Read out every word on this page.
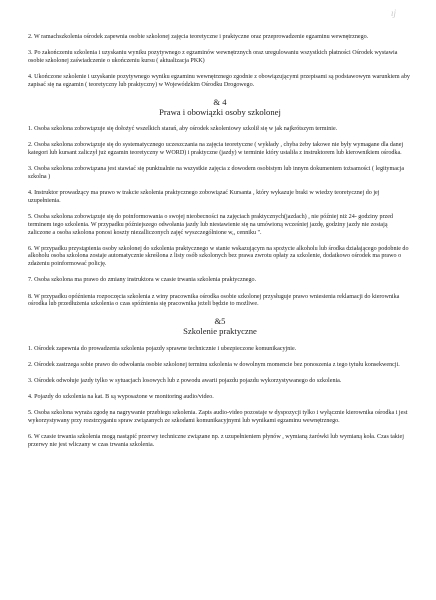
ıj

2. W ramachszkolenia ośrodek zapewnia osobie szkolonej zajęcia teoretyczne i praktyczne oraz przeprowadzenie egzaminu wewnętrznego.

3. Po zakończeniu szkolenia i uzyskaniu wyniku pozytywnego z egzaminów wewnętrznych oraz uregulowaniu wszystkich płatności Ośrodek wystawia osobie szkolonej zaświadczenie o ukończeniu kursu ( aktualizacja PKK)

4. Ukończone szkolenie i uzyskanie pozytywnego wyniku egzaminu wewnętrznego zgodnie z obowiązującymi przepisami są podstawowym warunkiem aby zapisać się na egzamin ( teoretyczny lub praktyczny) w Wojewódzkim Ośrodku Drogowego.

& 4
Prawa i obowiązki osoby szkolonej

1. Osoba szkolona zobowiązuje się dołożyć wszelkich starań, aby ośrodek szkoleniowy szkolił się w jak najkrótszym terminie.

2. Osoba szkolona zobowiązuje się do systematycznego uczeszczania na zajęcia teoretyczne ( wykłady , chyba żeby takowe nie były wymagane dla danej kategori lub kursant zaliczył już egzamin teoretyczny w WORD) i praktyczne (jazdy) w terminie który ustaliła z instruktorem lub kierownikiem ośrodka.

3. Osoba szkolona zobowiązana jest stawiać się punktualnie na wszystkie zajęcia z dowodem osobistym lub innym dokumentem tożsamości ( legitymacja szkolna )

4. Instruktor prowadzący ma prawo w trakcie szkolenia praktycznego zobowiązać Kursanta , który wykazuje braki w wiedzy teoretycznej do jej uzupełnienia.

5. Osoba szkolona zobowiązuje się do poinformowania o swojej nieobecności na zajęciach praktycznych(jazdach) , nie później niż 24- godziny przed terminem tego szkolenia. W przypadku późniejszego odwołania jazdy lub niestawienie się na umówioną wcześniej jazdę, godziny jazdy nie zostają zaliczone a osoba szkolona ponosi koszty niezalliczonych zajęć wyszczególnione w,, cenniku ".

6. W przypadku przystąpienia osoby szkolonej do szkolenia praktycznego w stanie wskazującym na spożycie alkoholu lub środka działającego podobnie do alkoholu osoba szkolona zostaje automatycznie skreślona z listy osób szkolonych bez prawa zwrotu opłaty za szkolenie, dodatkowo ośrodek ma prawo o zdażeniu poinformować policję.

7. Osoba szkolona ma prawo do zmiany instruktora w czasie trwania szkolenia praktycznego.

8. W przypadku opóźnienia rozpoczęcia szkolenia z winy pracownika ośrodka osobie szkolonej przysługuje prawo wniesienia reklamacji do kierownika ośrodka lub przedłużenia szkolenia o czas spóźnienia się pracownika jeżeli będzie to możliwe.

&5
Szkolenie praktyczne

1. Ośrodek zapewnia do prowadzenia szkolenia pojazdy sprawne technicznie i ubezpieczone komunikacyjnie.

2. Ośrodek zastrzega sobie prawo do odwołania osobie szkolonej terminu szkolenia w dowolnym momencie bez ponoszenia z tego tytułu konsekwencji.

3. Ośrodek odwołuje jazdy tylko w sytuacjach losowych lub z powodu awarii pojazdu pojazdu wykorzystywanego do szkolenia.

4. Pojazdy do szkolenia na kat. B są wyposażone w monitoring audio/video.

5. Osoba szkolona wyraża zgodę na nagrywanie przebiegu szkolenia. Zapis audio-video pozostaje w dyspozycji tylko i wyłącznie kierownika ośrodka i jest wykorzystywany przy rozstrzyganiu spraw związanych ze szkodami komunikacyjnymi lub wynikami egzaminu wewnętrznego.

6. W czasie trwania szkolenia mogą nastąpić przerwy techniczne związane np. z uzupełnieniem płynów , wymianą żarówki lub wymianą koła. Czas takiej przerwy nie jest wliczany w czas trwania szkolenia.
